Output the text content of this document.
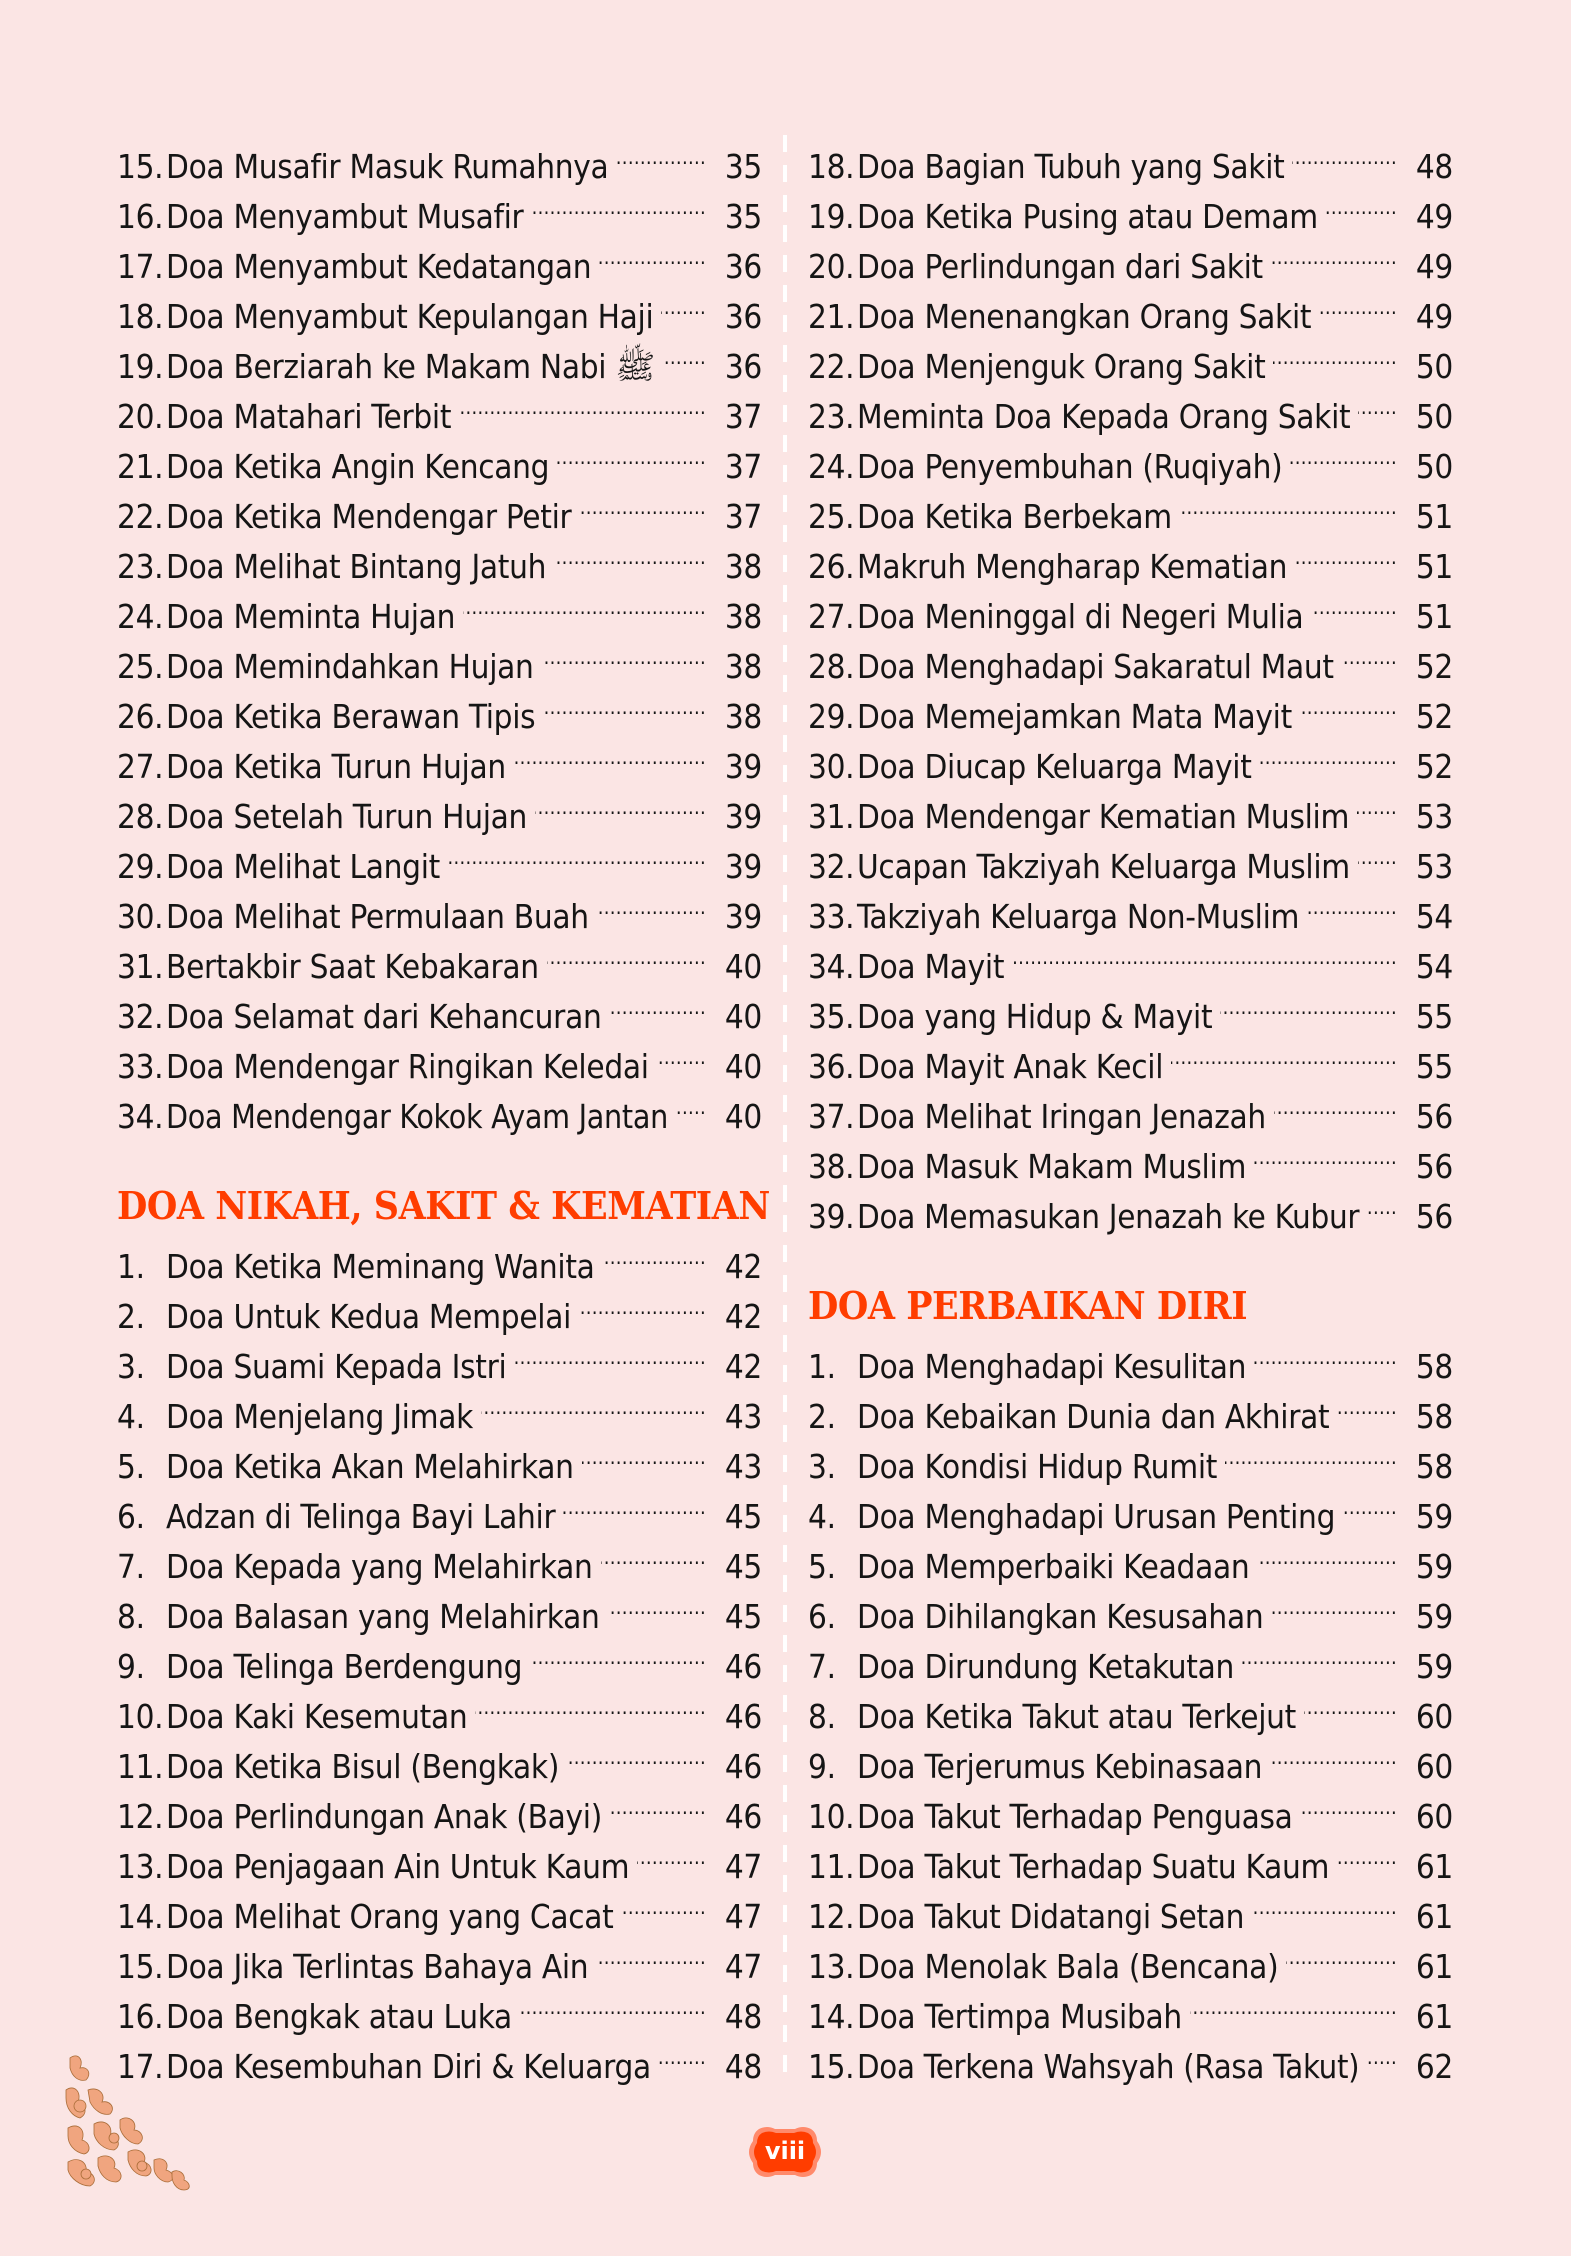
15. Doa Musafir Masuk Rumahnya .....	35
16. Doa Menyambut Musafir .....	35
17. Doa Menyambut Kedatangan .....	36
18. Doa Menyambut Kepulangan Haji .....	36
19. Doa Berziarah ke Makam Nabi ﷺ .....	36
20. Doa Matahari Terbit .....	37
21. Doa Ketika Angin Kencang .....	37
22. Doa Ketika Mendengar Petir .....	37
23. Doa Melihat Bintang Jatuh .....	38
24. Doa Meminta Hujan .....	38
25. Doa Memindahkan Hujan .....	38
26. Doa Ketika Berawan Tipis .....	38
27. Doa Ketika Turun Hujan .....	39
28. Doa Setelah Turun Hujan .....	39
29. Doa Melihat Langit .....	39
30. Doa Melihat Permulaan Buah .....	39
31. Bertakbir Saat Kebakaran .....	40
32. Doa Selamat dari Kehancuran .....	40
33. Doa Mendengar Ringikan Keledai .....	40
34. Doa Mendengar Kokok Ayam Jantan .....	40
DOA NIKAH, SAKIT & KEMATIAN
1. Doa Ketika Meminang Wanita .....	42
2. Doa Untuk Kedua Mempelai .....	42
3. Doa Suami Kepada Istri .....	42
4. Doa Menjelang Jimak .....	43
5. Doa Ketika Akan Melahirkan .....	43
6. Adzan di Telinga Bayi Lahir .....	45
7. Doa Kepada yang Melahirkan .....	45
8. Doa Balasan yang Melahirkan .....	45
9. Doa Telinga Berdengung .....	46
10. Doa Kaki Kesemutan .....	46
11. Doa Ketika Bisul (Bengkak) .....	46
12. Doa Perlindungan Anak (Bayi) .....	46
13. Doa Penjagaan Ain Untuk Kaum .....	47
14. Doa Melihat Orang yang Cacat .....	47
15. Doa Jika Terlintas Bahaya Ain .....	47
16. Doa Bengkak atau Luka .....	48
17. Doa Kesembuhan Diri & Keluarga .....	48
18. Doa Bagian Tubuh yang Sakit .....	48
19. Doa Ketika Pusing atau Demam .....	49
20. Doa Perlindungan dari Sakit .....	49
21. Doa Menenangkan Orang Sakit .....	49
22. Doa Menjenguk Orang Sakit .....	50
23. Meminta Doa Kepada Orang Sakit .....	50
24. Doa Penyembuhan (Ruqiyah) .....	50
25. Doa Ketika Berbekam .....	51
26. Makruh Mengharap Kematian .....	51
27. Doa Meninggal di Negeri Mulia .....	51
28. Doa Menghadapi Sakaratul Maut .....	52
29. Doa Memejamkan Mata Mayit .....	52
30. Doa Diucap Keluarga Mayit .....	52
31. Doa Mendengar Kematian Muslim .....	53
32. Ucapan Takziyah Keluarga Muslim .....	53
33. Takziyah Keluarga Non-Muslim .....	54
34. Doa Mayit .....	54
35. Doa yang Hidup & Mayit .....	55
36. Doa Mayit Anak Kecil .....	55
37. Doa Melihat Iringan Jenazah .....	56
38. Doa Masuk Makam Muslim .....	56
39. Doa Memasukan Jenazah ke Kubur .....	56
DOA PERBAIKAN DIRI
1. Doa Menghadapi Kesulitan .....	58
2. Doa Kebaikan Dunia dan Akhirat .....	58
3. Doa Kondisi Hidup Rumit .....	58
4. Doa Menghadapi Urusan Penting .....	59
5. Doa Memperbaiki Keadaan .....	59
6. Doa Dihilangkan Kesusahan .....	59
7. Doa Dirundung Ketakutan .....	59
8. Doa Ketika Takut atau Terkejut .....	60
9. Doa Terjerumus Kebinasaan .....	60
10. Doa Takut Terhadap Penguasa .....	60
11. Doa Takut Terhadap Suatu Kaum .....	61
12. Doa Takut Didatangi Setan .....	61
13. Doa Menolak Bala (Bencana) .....	61
14. Doa Tertimpa Musibah .....	61
15. Doa Terkena Wahsyah (Rasa Takut) .....	62
viii
